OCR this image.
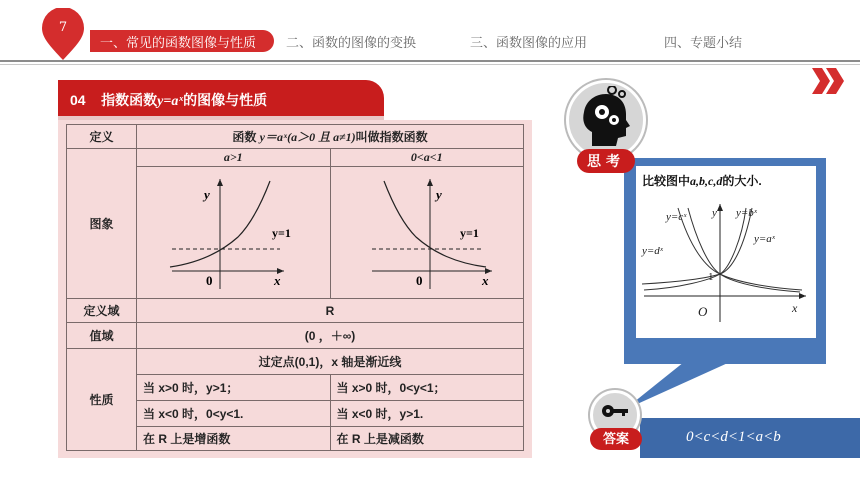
7
一、常见的函数图像与性质 二、函数的图像的变换	三、函数图像的应用	四、专题小结
04 指数函数y=aˣ的图像与性质
定义	函数 y＝aˣ(a＞0 且 a≠1)叫做指数函数	
图象	a>1	0<a<1

y
x
0
y=1	y
x
0
y=1

定义域	R	
值域	(0 ，＋∞)	
性质	过定点(0,1)，x 轴是渐近线	
	当 x>0 时，y>1；	当 x>0 时，0<y<1；
	当 x<0 时，0<y<1.	当 x<0 时，y>1.
	在 R 上是增函数	在 R 上是减函数
思考
比较图中a,b,c,d的大小.
y=cˣ	y=bˣ
y=dˣ
y=aˣ
y
x
O
1
0<c<d<1<a<b
答案
